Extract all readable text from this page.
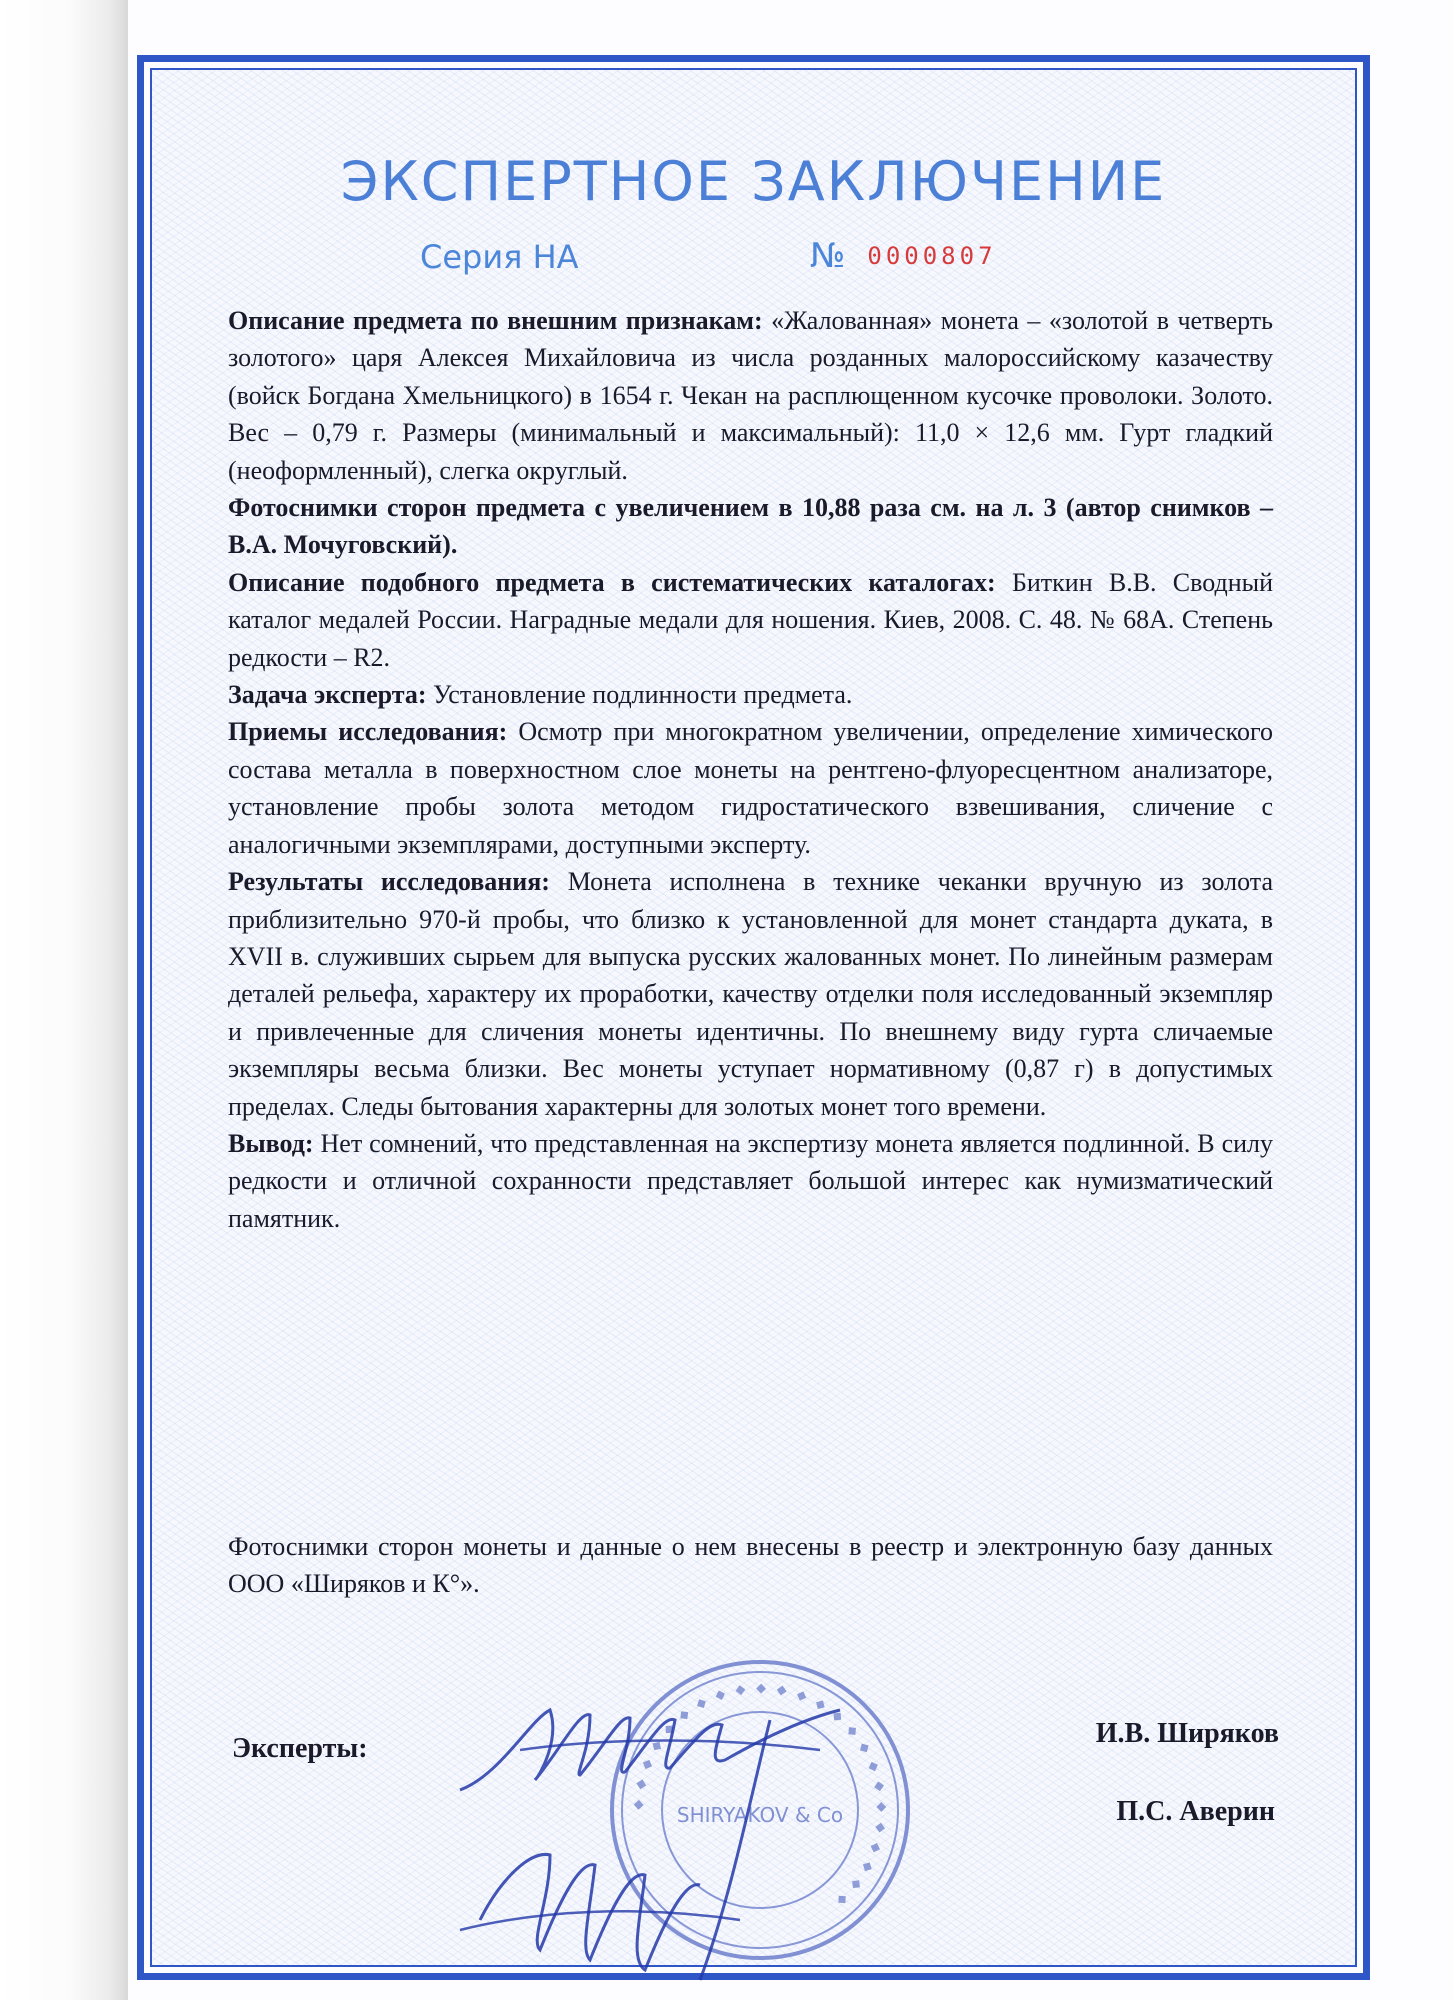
ЭКСПЕРТНОЕ ЗАКЛЮЧЕНИЕ
Серия НА	№ 0000807

Описание предмета по внешним признакам: «Жалованная» монета – «золотой в четверть золотого» царя Алексея Михайловича из числа розданных малороссийскому казачеству (войск Богдана Хмельницкого) в 1654 г. Чекан на расплющенном кусочке проволоки. Золото. Вес – 0,79 г. Размеры (минимальный и максимальный): 11,0 × 12,6 мм. Гурт гладкий (неоформленный), слегка округлый.

Фотоснимки сторон предмета с увеличением в 10,88 раза см. на л. 3 (автор снимков – В.А. Мочуговский).

Описание подобного предмета в систематических каталогах: Биткин В.В. Сводный каталог медалей России. Наградные медали для ношения. Киев, 2008. С. 48. № 68А. Степень редкости – R2.

Задача эксперта: Установление подлинности предмета.

Приемы исследования: Осмотр при многократном увеличении, определение химического состава металла в поверхностном слое монеты на рентгено-флуоресцентном анализаторе, установление пробы золота методом гидростатического взвешивания, сличение с аналогичными экземплярами, доступными эксперту.

Результаты исследования: Монета исполнена в технике чеканки вручную из золота приблизительно 970-й пробы, что близко к установленной для монет стандарта дуката, в XVII в. служивших сырьем для выпуска русских жалованных монет. По линейным размерам деталей рельефа, характеру их проработки, качеству отделки поля исследованный экземпляр и привлеченные для сличения монеты идентичны. По внешнему виду гурта сличаемые экземпляры весьма близки. Вес монеты уступает нормативному (0,87 г) в допустимых пределах. Следы бытования характерны для золотых монет того времени.

Вывод: Нет сомнений, что представленная на экспертизу монета является подлинной. В силу редкости и отличной сохранности представляет большой интерес как нумизматический памятник.

Фотоснимки сторон монеты и данные о нем внесены в реестр и электронную базу данных ООО «Ширяков и К°».

◆ ◆ ◆ ◆ ◆ ◆ ◆ ◆ ◆ ◆ ◆ ◆ ◆ ◆ ◆ ◆ ◆ ◆ ◆ ◆ ◆ ◆ ◆ ◆
SHIRYAKOV & Co
Эксперты:	И.В. Ширяков
П.С. Аверин
